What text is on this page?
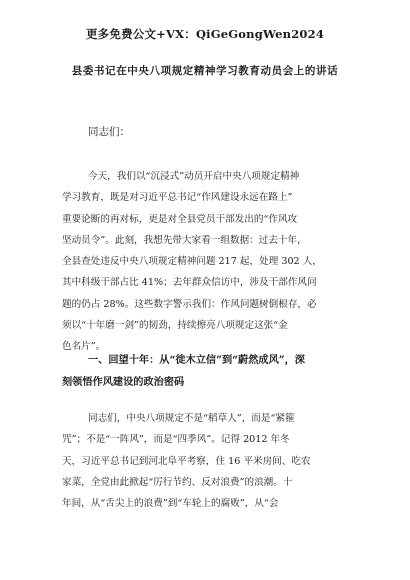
更多免费公文+VX：QiGeGongWen2024
县委书记在中央八项规定精神学习教育动员会上的讲话
同志们：
今天，我们以“沉浸式”动员开启中央八项规定精神
学习教育，既是对习近平总书记“作风建设永远在路上”
重要论断的再对标，更是对全县党员干部发出的“作风攻
坚动员令”。此刻，我想先带大家看一组数据：过去十年，
全县查处违反中央八项规定精神问题 217 起，处理 302 人，
其中科级干部占比 41%；去年群众信访中，涉及干部作风问
题的仍占 28%。这些数字警示我们：作风问题树倒根存，必
须以“十年磨一剑”的韧劲，持续擦亮八项规定这张“金
色名片”。
一、回望十年：从“徙木立信”到“蔚然成风”，深
刻领悟作风建设的政治密码
同志们，中央八项规定不是“稻草人”，而是“紧箍
咒”；不是“一阵风”，而是“四季风”。记得 2012 年冬
天，习近平总书记到河北阜平考察，住 16 平米房间、吃农
家菜，全党由此掀起“厉行节约、反对浪费”的浪潮。十
年间，从“舌尖上的浪费”到“车轮上的腐败”，从“会
